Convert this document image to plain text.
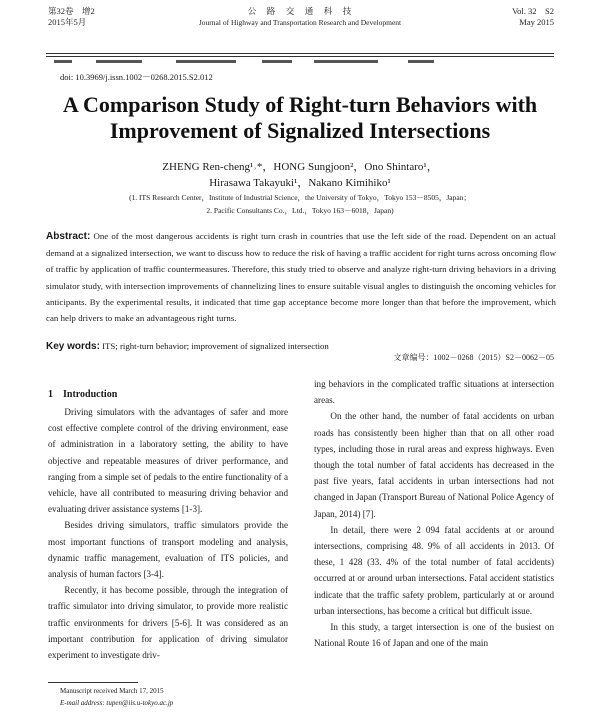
第32卷　增2
2015年5月
公　路　交　通　科　技
Journal of Highway and Transportation Research and Development
Vol. 32　S2
May 2015
doi: 10.3969/j.issn.1002－0268.2015.S2.012
A Comparison Study of Right-turn Behaviors with
Improvement of Signalized Intersections
ZHENG Ren-cheng¹˒*，HONG Sungjoon²，Ono Shintaro¹，
Hirasawa Takayuki¹，Nakano Kimihiko¹
(1. ITS Research Center，Institute of Industrial Science，the University of Tokyo，Tokyo 153－8505，Japan；
2. Pacific Consultants Co.，Ltd.，Tokyo 163－6018，Japan)
Abstract: One of the most dangerous accidents is right turn crash in countries that use the left side of the road. Dependent on an actual demand at a signalized intersection, we want to discuss how to reduce the risk of having a traffic accident for right turns across oncoming flow of traffic by application of traffic countermeasures. Therefore, this study tried to observe and analyze right-turn driving behaviors in a driving simulator study, with intersection improvements of channelizing lines to ensure suitable visual angles to distinguish the oncoming vehicles for anticipants. By the experimental results, it indicated that time gap acceptance become more longer than that before the improvement, which can help drivers to make an advantageous right turns.
Key words: ITS; right-turn behavior; improvement of signalized intersection
文章编号：1002－0268（2015）S2－0062－05
1　Introduction

Driving simulators with the advantages of safer and more cost effective complete control of the driving environment, ease of administration in a laboratory setting, the ability to have objective and repeatable measures of driver performance, and ranging from a simple set of pedals to the entire functionality of a vehicle, have all contributed to measuring driving behavior and evaluating driver assistance systems [1-3].

Besides driving simulators, traffic simulators provide the most important functions of transport modeling and analysis, dynamic traffic management, evaluation of ITS policies, and analysis of human factors [3-4].

Recently, it has become possible, through the integration of traffic simulator into driving simulator, to provide more realistic traffic environments for drivers [5-6]. It was considered as an important contribution for application of driving simulator experiment to investigate driv-

ing behaviors in the complicated traffic situations at intersection areas.

On the other hand, the number of fatal accidents on urban roads has consistently been higher than that on all other road types, including those in rural areas and express highways. Even though the total number of fatal accidents has decreased in the past five years, fatal accidents in urban intersections had not changed in Japan (Transport Bureau of National Police Agency of Japan, 2014) [7].

In detail, there were 2 094 fatal accidents at or around intersections, comprising 48. 9% of all accidents in 2013. Of these, 1 428 (33. 4% of the total number of fatal accidents) occurred at or around urban intersections. Fatal accident statistics indicate that the traffic safety problem, particularly at or around urban intersections, has become a critical but difficult issue.

In this study, a target intersection is one of the busiest on National Route 16 of Japan and one of the main

Manuscript received March 17, 2015
E-mail address: tupen@iis.u-tokyo.ac.jp
